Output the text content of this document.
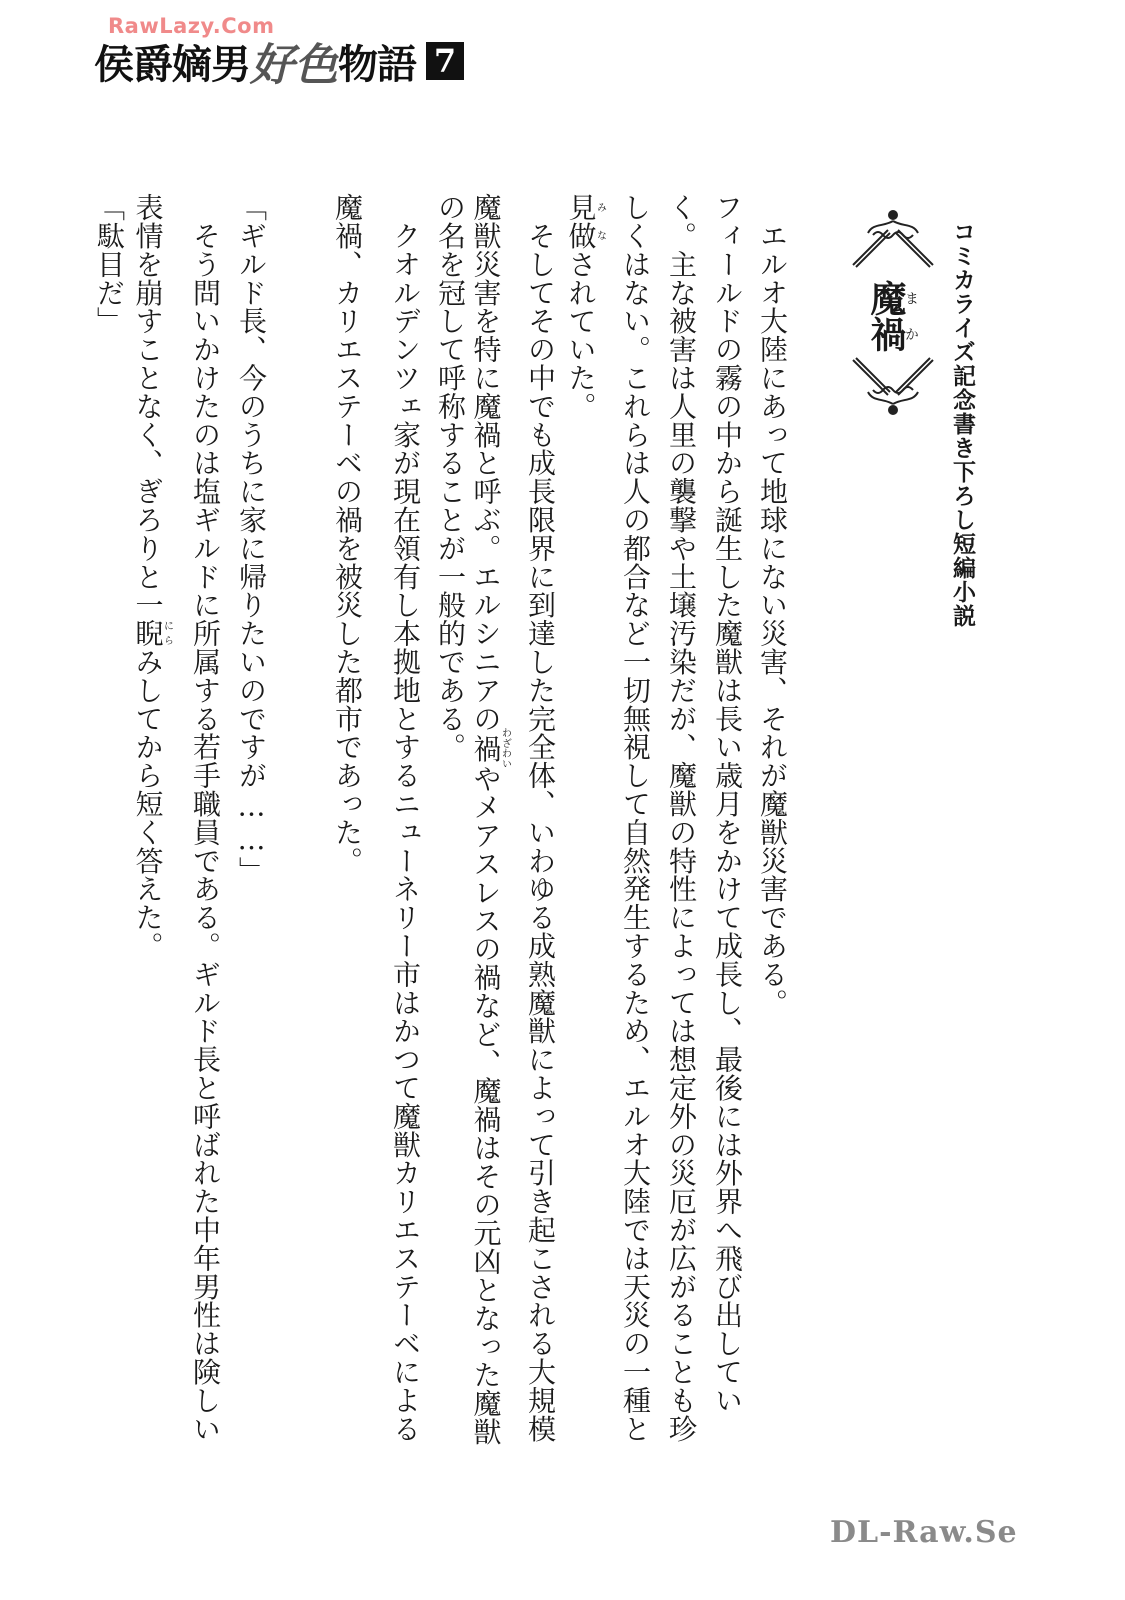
RawLazy.Com
侯爵嫡男 好色 物語 7
コミカライズ記念書き下ろし短編小説
魔ま禍か
　エルオ大陸にあって地球にない災害、それが魔獣災害である。
フィールドの霧の中から誕生した魔獣は長い歳月をかけて成長し、最後には外界へ飛び出してい
く。主な被害は人里の襲撃や土壌汚染だが、魔獣の特性によっては想定外の災厄が広がることも珍
しくはない。これらは人の都合など一切無視して自然発生するため、エルオ大陸では天災の一種と
見做みなされていた。
　そしてその中でも成長限界に到達した完全体、いわゆる成熟魔獣によって引き起こされる大規模
魔獣災害を特に魔禍と呼ぶ。エルシニアの禍わざわいやメアスレスの禍など、魔禍はその元凶となった魔獣
の名を冠して呼称することが一般的である。
　クオルデンツェ家が現在領有し本拠地とするニューネリー市はかつて魔獣カリエステーベによる
魔禍、カリエステーベの禍を被災した都市であった。
「ギルド長、今のうちに家に帰りたいのですが……」
　そう問いかけたのは塩ギルドに所属する若手職員である。ギルド長と呼ばれた中年男性は険しい
表情を崩すことなく、ぎろりと一睨にらみしてから短く答えた。
「駄目だ」
DL-Raw.Se
